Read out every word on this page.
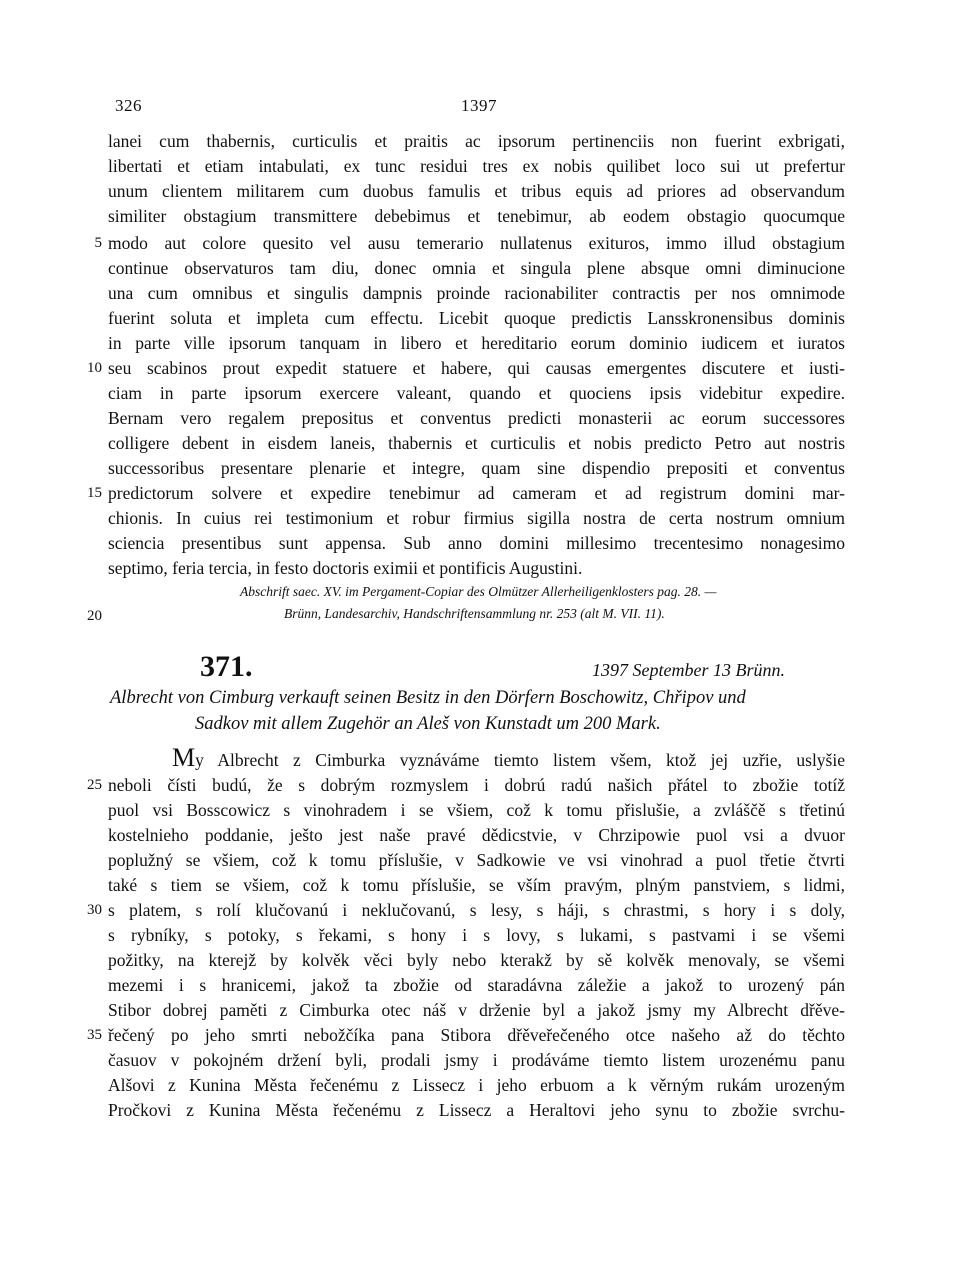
326	1397
lanei cum thabernis, curticulis et praitis ac ipsorum pertinenciis non fuerint exbrigati,
libertati et etiam intabulati, ex tunc residui tres ex nobis quilibet loco sui ut prefertur
unum clientem militarem cum duobus famulis et tribus equis ad priores ad observandum
similiter obstagium transmittere debebimus et tenebimur, ab eodem obstagio quocumque
modo aut colore quesito vel ausu temerario nullatenus exituros, immo illud obstagium
continue observaturos tam diu, donec omnia et singula plene absque omni diminucione
una cum omnibus et singulis dampnis proinde racionabiliter contractis per nos omnimode
fuerint soluta et impleta cum effectu. Licebit quoque predictis Lansskronensibus dominis
in parte ville ipsorum tanquam in libero et hereditario eorum dominio iudicem et iuratos
seu scabinos prout expedit statuere et habere, qui causas emergentes discutere et iusti-
ciam in parte ipsorum exercere valeant, quando et quociens ipsis videbitur expedire.
Bernam vero regalem prepositus et conventus predicti monasterii ac eorum successores
colligere debent in eisdem laneis, thabernis et curticulis et nobis predicto Petro aut nostris
successoribus presentare plenarie et integre, quam sine dispendio prepositi et conventus
predictorum solvere et expedire tenebimur ad cameram et ad registrum domini mar-
chionis. In cuius rei testimonium et robur firmius sigilla nostra de certa nostrum omnium
sciencia presentibus sunt appensa. Sub anno domini millesimo trecentesimo nonagesimo
septimo, feria tercia, in festo doctoris eximii et pontificis Augustini.
Abschrift saec. XV. im Pergament-Copiar des Olmützer Allerheiligenklosters pag. 28. —
Brünn, Landesarchiv, Handschriftensammlung nr. 253 (alt M. VII. 11).
371.	1397 September 13 Brünn.
Albrecht von Cimburg verkauft seinen Besitz in den Dörfern Boschowitz, Chřipov und
Sadkov mit allem Zugehör an Aleš von Kunstadt um 200 Mark.
My Albrecht z Cimburka vyznáváme tiemto listem všem, ktož jej uzřie, uslyšie
neboli čísti budú, že s dobrým rozmyslem i dobrú radú našich přátel to zbožie totíž
puol vsi Bosscowicz s vinohradem i se všiem, což k tomu přislušie, a zvláščě s třetinú
kostelnieho poddanie, ješto jest naše pravé dědicstvie, v Chrzipowie puol vsi a dvuor
poplužný se všiem, což k tomu příslušie, v Sadkowie ve vsi vinohrad a puol třetie čtvrti
také s tiem se všiem, což k tomu příslušie, se vším pravým, plným panstviem, s lidmi,
s platem, s rolí klučovanú i neklučovanú, s lesy, s háji, s chrastmi, s hory i s doly,
s rybníky, s potoky, s řekami, s hony i s lovy, s lukami, s pastvami i se všemi
požitky, na kterejž by kolvěk věci byly nebo kterakž by sě kolvěk menovaly, se všemi
mezemi i s hranicemi, jakož ta zbožie od staradávna záležie a jakož to urozený pán
Stibor dobrej paměti z Cimburka otec náš v drženie byl a jakož jsmy my Albrecht dřěve-
řečený po jeho smrti nebožčíka pana Stibora dřěveřečeného otce našeho až do těchto
časuov v pokojném držení byli, prodali jsmy i prodáváme tiemto listem urozenému panu
Alšovi z Kunina Města řečenému z Lissecz i jeho erbuom a k věrným rukám urozeným
Pročkovi z Kunina Města řečenému z Lissecz a Heraltovi jeho synu to zbožie svrchu-
5
10
15
20
25
30
35
